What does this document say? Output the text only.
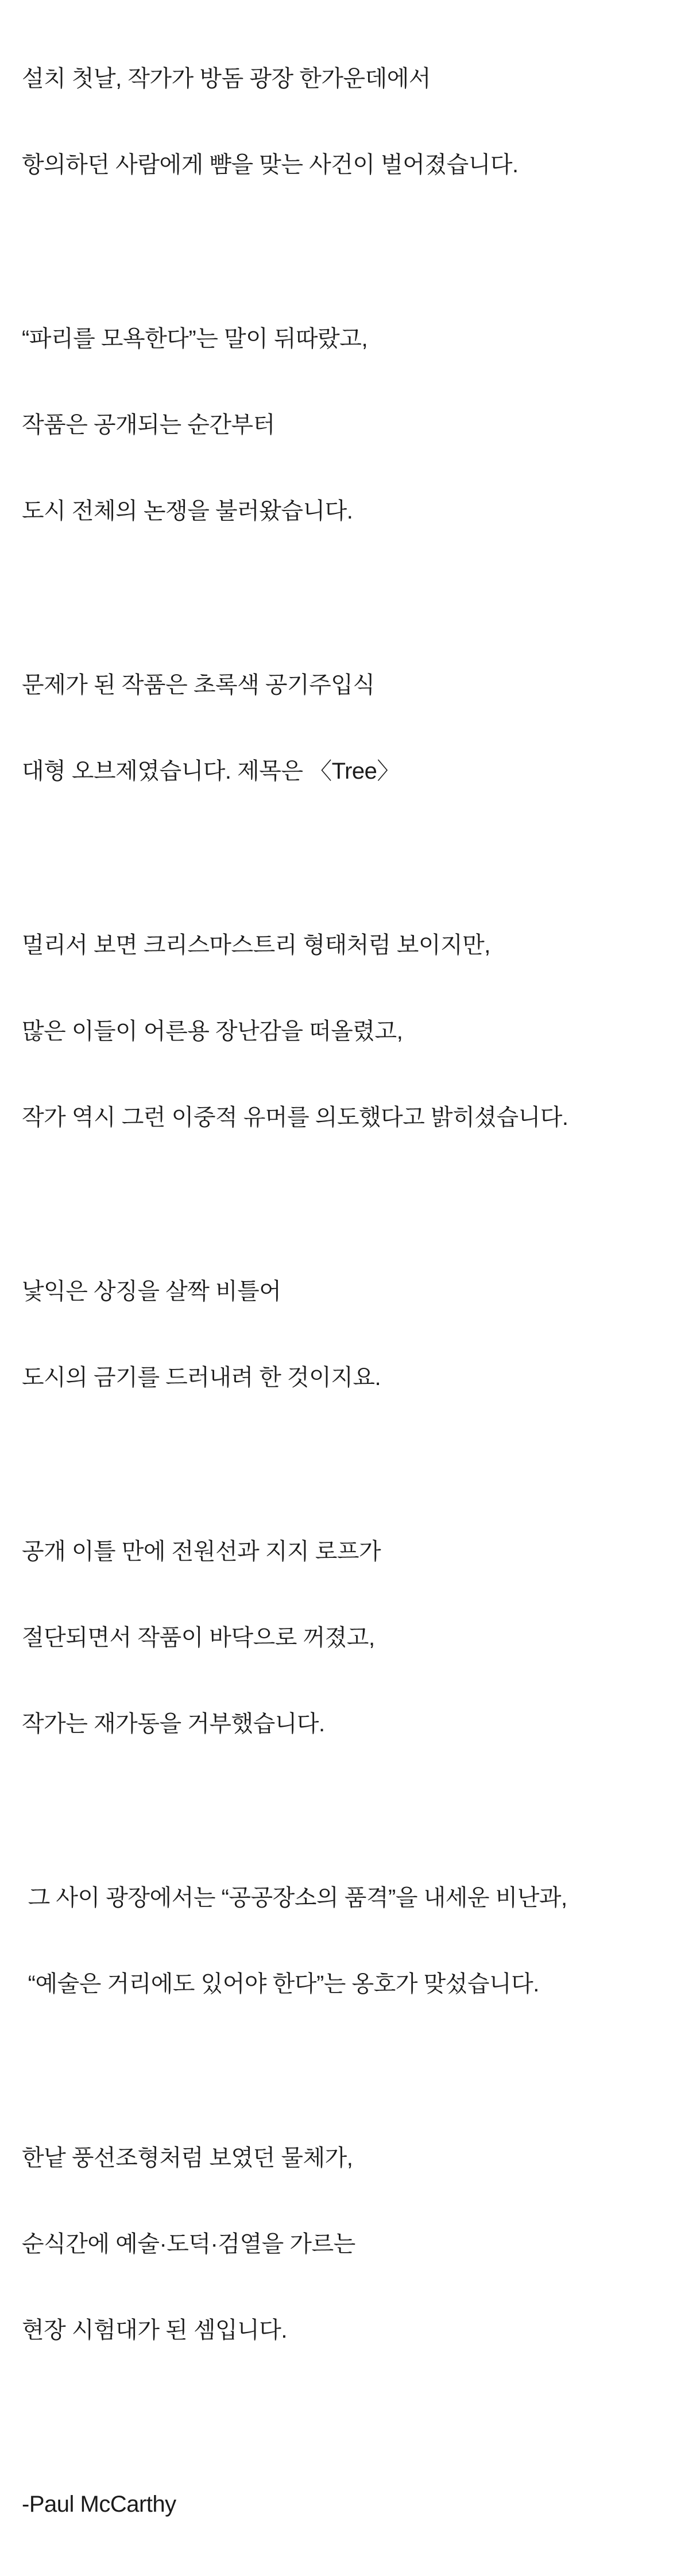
설치 첫날, 작가가 방돔 광장 한가운데에서

항의하던 사람에게 뺨을 맞는 사건이 벌어졌습니다.

“파리를 모욕한다”는 말이 뒤따랐고,

작품은 공개되는 순간부터

도시 전체의 논쟁을 불러왔습니다.

문제가 된 작품은 초록색 공기주입식

대형 오브제였습니다. 제목은 〈Tree〉

멀리서 보면 크리스마스트리 형태처럼 보이지만,

많은 이들이 어른용 장난감을 떠올렸고,

작가 역시 그런 이중적 유머를 의도했다고 밝히셨습니다.

낯익은 상징을 살짝 비틀어

도시의 금기를 드러내려 한 것이지요.

공개 이틀 만에 전원선과 지지 로프가

절단되면서 작품이 바닥으로 꺼졌고,

작가는 재가동을 거부했습니다.

그 사이 광장에서는 “공공장소의 품격”을 내세운 비난과,

“예술은 거리에도 있어야 한다”는 옹호가 맞섰습니다.

한낱 풍선조형처럼 보였던 물체가,

순식간에 예술·도덕·검열을 가르는

현장 시험대가 된 셈입니다.

-Paul McCarthy
